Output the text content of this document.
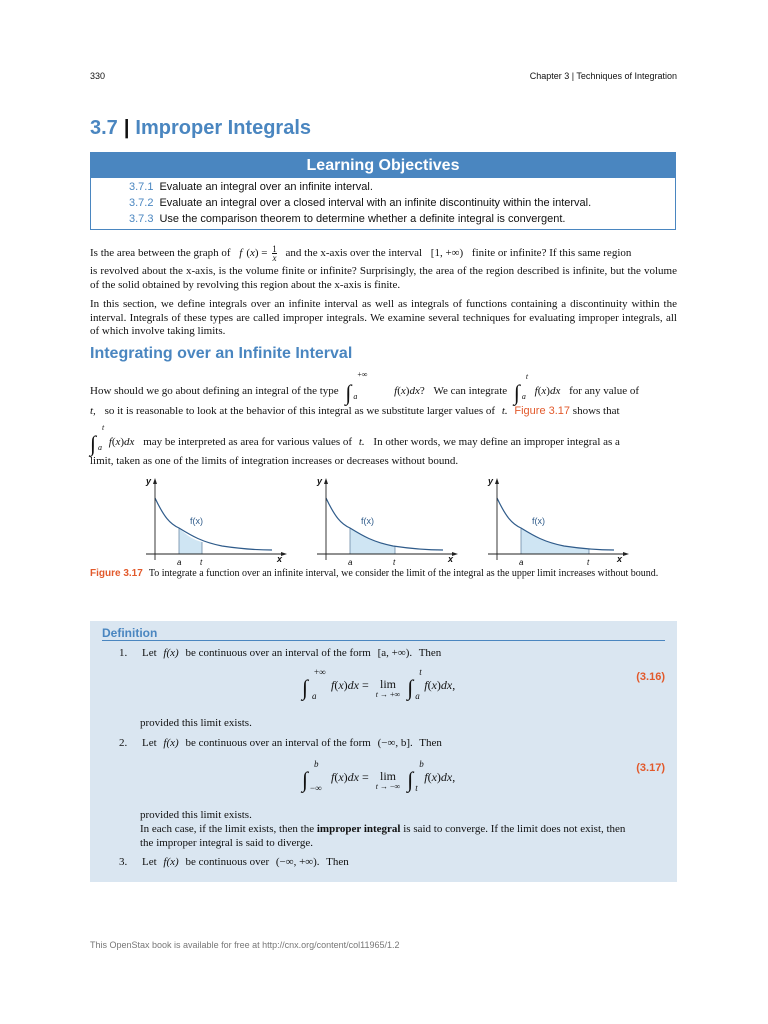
330	Chapter 3 | Techniques of Integration
3.7 | Improper Integrals
Learning Objectives
3.7.1 Evaluate an integral over an infinite interval.
3.7.2 Evaluate an integral over a closed interval with an infinite discontinuity within the interval.
3.7.3 Use the comparison theorem to determine whether a definite integral is convergent.
Is the area between the graph of f $(x) = \frac{1}{x}$ and the x-axis over the interval [1, +∞) finite or infinite? If this same region

is revolved about the x-axis, is the volume finite or infinite? Surprisingly, the area of the region described is infinite, but the volume of the solid obtained by revolving this region about the x-axis is finite.

In this section, we define integrals over an infinite interval as well as integrals of functions containing a discontinuity within the interval. Integrals of these types are called improper integrals. We examine several techniques for evaluating improper integrals, all of which involve taking limits.

Integrating over an Infinite Interval
How should we go about defining an integral of the type ∫
+∞
a	f(x)dx? We can integrate ∫
t
a f(x)dx for any value of
t, so it is reasonable to look at the behavior of this integral as we substitute larger values of t. Figure 3.17 shows that
∫
t
a f(x)dx may be interpreted as area for various values of t. In other words, we may define an improper integral as a

limit, taken as one of the limits of integration increases or decreases without bound.

y
x
f(x)
a t
y
x
f(x)
a	t
y
x
f(x)
a	t

Figure 3.17 To integrate a function over an infinite interval, we consider the limit of the integral as the upper limit increases without bound.

Definition
1. Let f(x) be continuous over an interval of the form [a, +∞). Then
∫
+∞
a
f(x)dx = lim
t → +∞ ∫
t
a
f(x)dx,
(3.16)
provided this limit exists.
2. Let f(x) be continuous over an interval of the form (−∞, b]. Then
∫
b
−∞
f(x)dx = lim
t → −∞ ∫
b
t
f(x)dx,
(3.17)
provided this limit exists.
In each case, if the limit exists, then the improper integral is said to converge. If the limit does not exist, then
the improper integral is said to diverge.
3. Let f(x) be continuous over (−∞, +∞). Then
This OpenStax book is available for free at http://cnx.org/content/col11965/1.2
